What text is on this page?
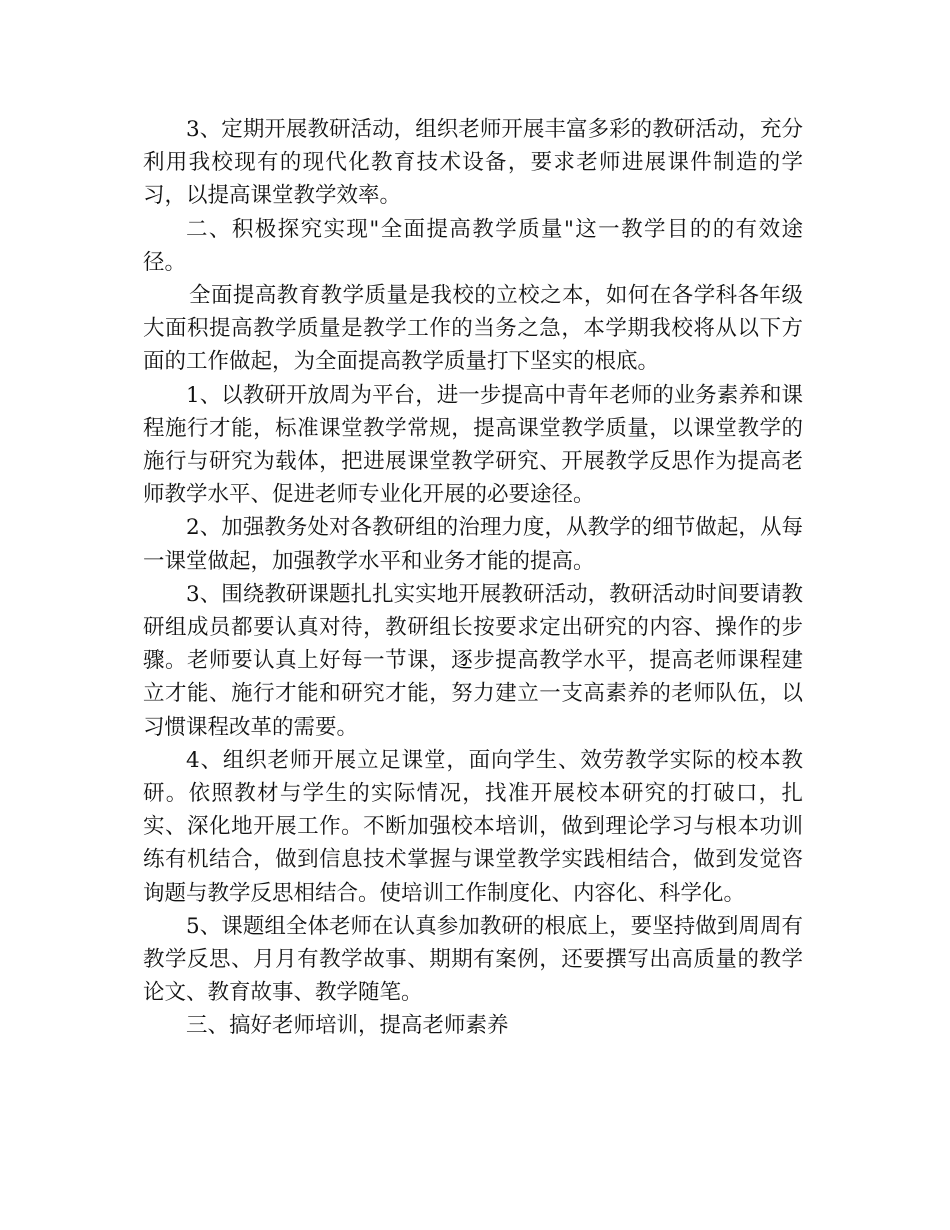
3、定期开展教研活动，组织老师开展丰富多彩的教研活动，充分利用我校现有的现代化教育技术设备，要求老师进展课件制造的学习，以提高课堂教学效率。

二、积极探究实现"全面提高教学质量"这一教学目的的有效途径。

全面提高教育教学质量是我校的立校之本，如何在各学科各年级大面积提高教学质量是教学工作的当务之急，本学期我校将从以下方面的工作做起，为全面提高教学质量打下坚实的根底。

1、以教研开放周为平台，进一步提高中青年老师的业务素养和课程施行才能，标准课堂教学常规，提高课堂教学质量，以课堂教学的施行与研究为载体，把进展课堂教学研究、开展教学反思作为提高老师教学水平、促进老师专业化开展的必要途径。

2、加强教务处对各教研组的治理力度，从教学的细节做起，从每一课堂做起，加强教学水平和业务才能的提高。

3、围绕教研课题扎扎实实地开展教研活动，教研活动时间要请教研组成员都要认真对待，教研组长按要求定出研究的内容、操作的步骤。老师要认真上好每一节课，逐步提高教学水平，提高老师课程建立才能、施行才能和研究才能，努力建立一支高素养的老师队伍，以习惯课程改革的需要。

4、组织老师开展立足课堂，面向学生、效劳教学实际的校本教研。依照教材与学生的实际情况，找准开展校本研究的打破口，扎实、深化地开展工作。不断加强校本培训，做到理论学习与根本功训练有机结合，做到信息技术掌握与课堂教学实践相结合，做到发觉咨询题与教学反思相结合。使培训工作制度化、内容化、科学化。

5、课题组全体老师在认真参加教研的根底上，要坚持做到周周有教学反思、月月有教学故事、期期有案例，还要撰写出高质量的教学论文、教育故事、教学随笔。

三、搞好老师培训，提高老师素养
